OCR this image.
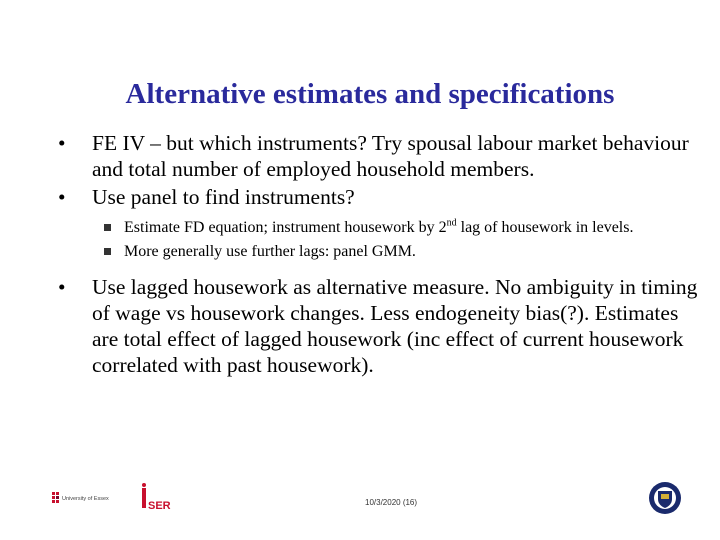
Alternative estimates and specifications
• FE IV – but which instruments? Try spousal labour market behaviour and total number of employed household members.
• Use panel to find instruments?
Estimate FD equation; instrument housework by 2nd lag of housework in levels.
More generally use further lags: panel GMM.
• Use lagged housework as alternative measure. No ambiguity in timing of wage vs housework changes. Less endogeneity bias(?). Estimates are total effect of lagged housework (inc effect of current housework correlated with past housework).
University of Essex
SER	10/3/2020 (16)
